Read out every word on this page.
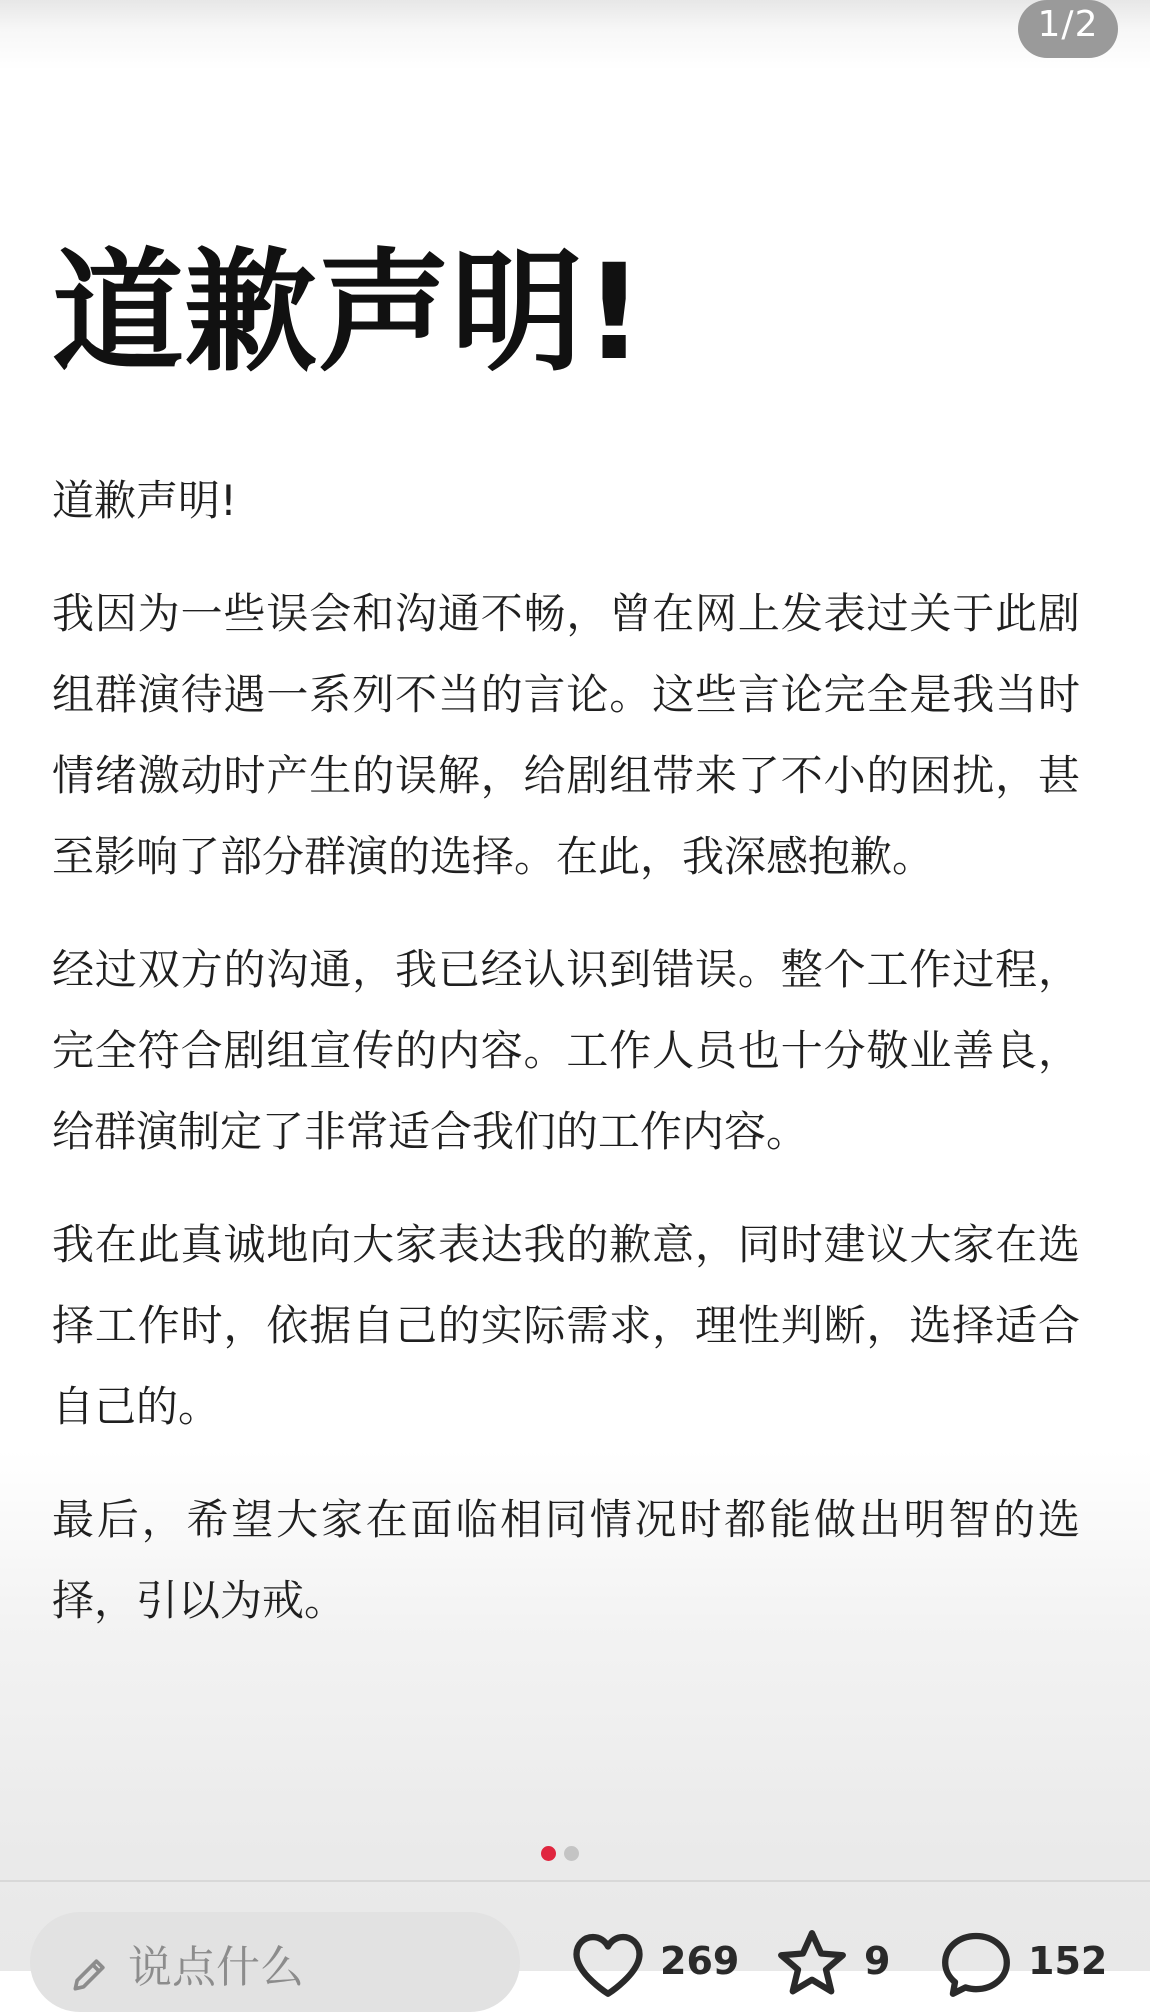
1/2
道歉声明!

道歉声明!

我因为一些误会和沟通不畅，曾在网上发表过关于此剧组群演待遇一系列不当的言论。这些言论完全是我当时情绪激动时产生的误解，给剧组带来了不小的困扰，甚至影响了部分群演的选择。在此，我深感抱歉。

经过双方的沟通，我已经认识到错误。整个工作过程，完全符合剧组宣传的内容。工作人员也十分敬业善良，给群演制定了非常适合我们的工作内容。

我在此真诚地向大家表达我的歉意，同时建议大家在选择工作时，依据自己的实际需求，理性判断，选择适合自己的。

最后，希望大家在面临相同情况时都能做出明智的选择，引以为戒。

说点什么	269	9	152
